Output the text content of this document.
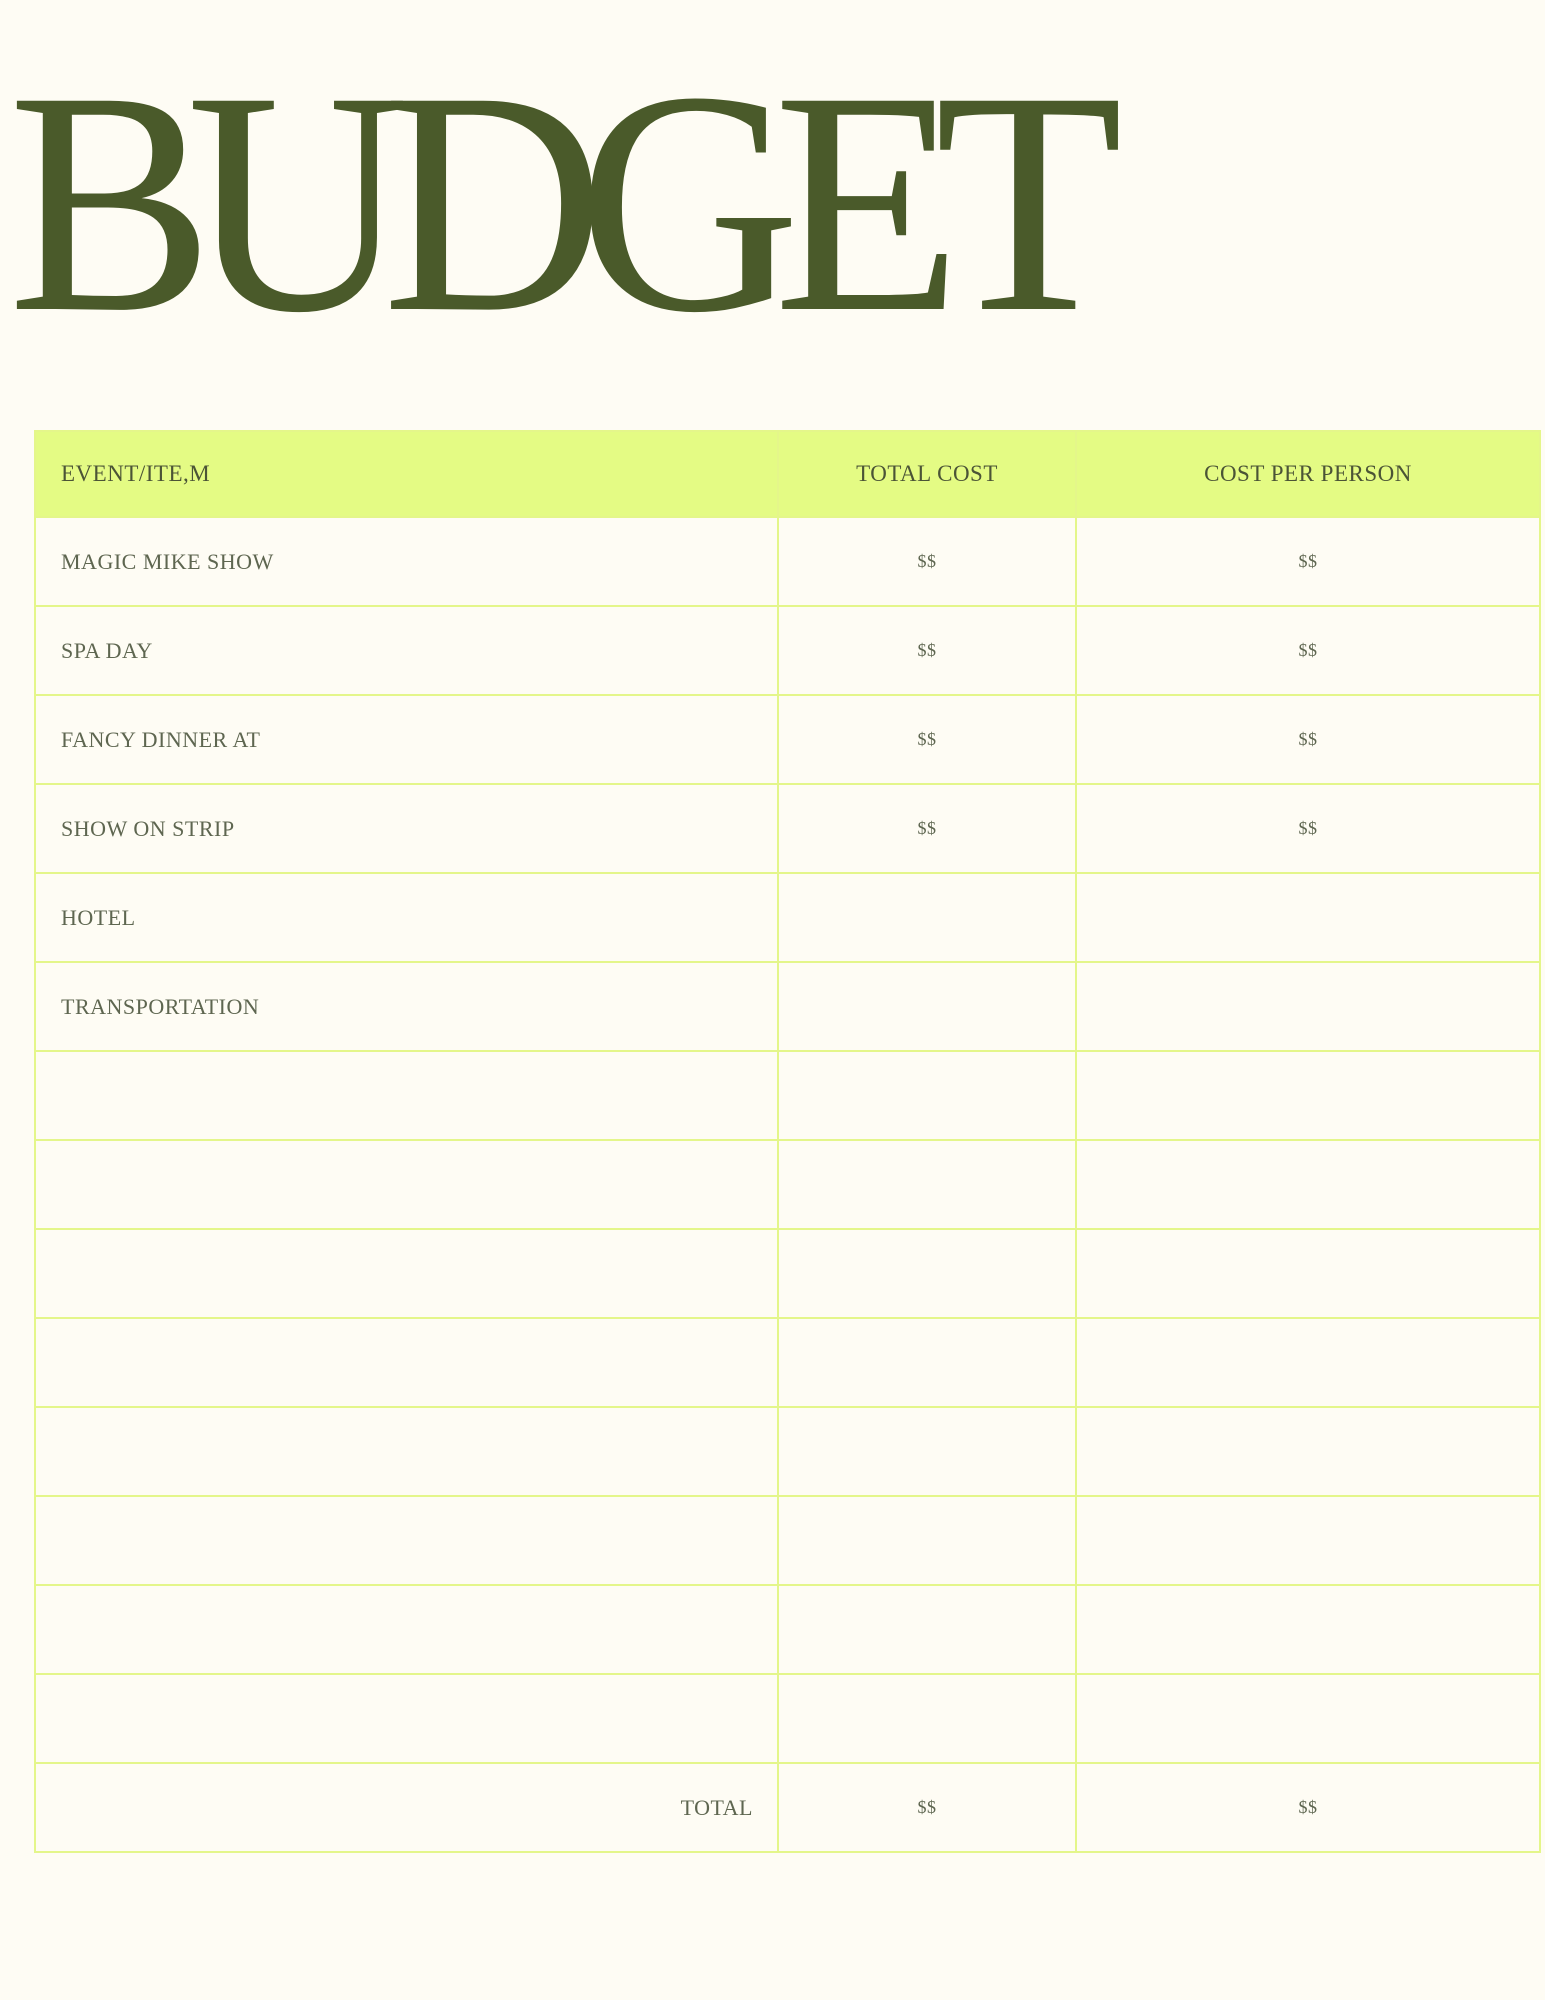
BUDGET
EVENT/ITE,M	TOTAL COST	COST PER PERSON
MAGIC MIKE SHOW	$$	$$
SPA DAY	$$	$$
FANCY DINNER AT	$$	$$
SHOW ON STRIP	$$	$$
HOTEL		
TRANSPORTATION		

TOTAL	$$	$$
